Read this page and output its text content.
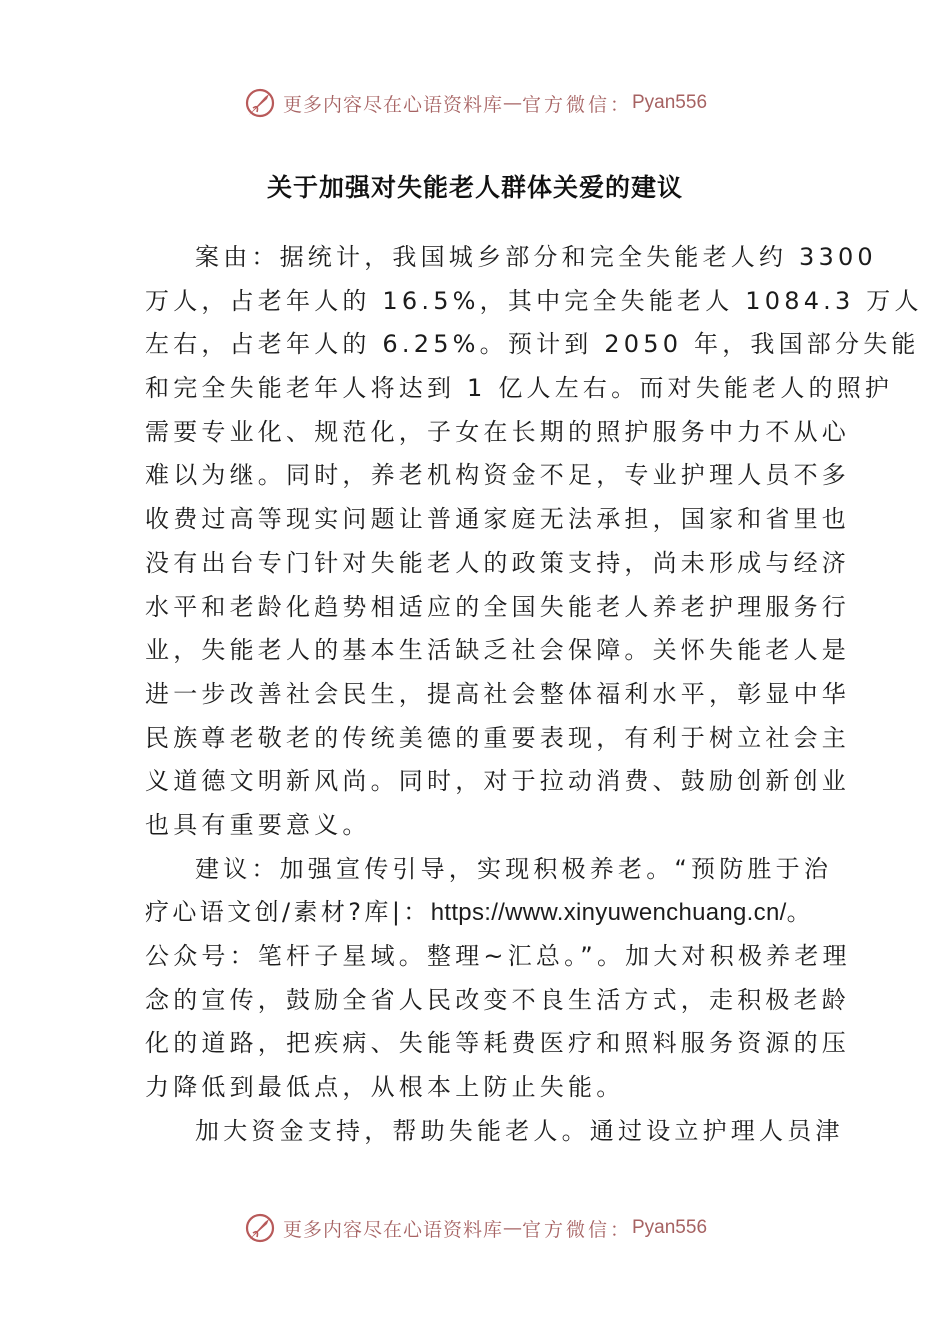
更多内容尽在心语资料库 — 官方微信： Pyan556
关于加强对失能老人群体关爱的建议
案由：据统计，我国城乡部分和完全失能老人约 3300
万人，占老年人的 16.5%，其中完全失能老人 1084.3 万人
左右，占老年人的 6.25%。预计到 2050 年，我国部分失能
和完全失能老年人将达到 1 亿人左右。而对失能老人的照护
需要专业化、规范化，子女在长期的照护服务中力不从心
难以为继。同时，养老机构资金不足，专业护理人员不多
收费过高等现实问题让普通家庭无法承担，国家和省里也
没有出台专门针对失能老人的政策支持，尚未形成与经济
水平和老龄化趋势相适应的全国失能老人养老护理服务行
业，失能老人的基本生活缺乏社会保障。关怀失能老人是
进一步改善社会民生，提高社会整体福利水平，彰显中华
民族尊老敬老的传统美德的重要表现，有利于树立社会主
义道德文明新风尚。同时，对于拉动消费、鼓励创新创业
也具有重要意义。
建议：加强宣传引导，实现积极养老。“预防胜于治
疗心语文创/素材?库|：https://www.xinyuwenchuang.cn/。
公众号：笔杆子星域。整理~汇总。”。加大对积极养老理
念的宣传，鼓励全省人民改变不良生活方式，走积极老龄
化的道路，把疾病、失能等耗费医疗和照料服务资源的压
力降低到最低点，从根本上防止失能。
加大资金支持，帮助失能老人。通过设立护理人员津
更多内容尽在心语资料库 — 官方微信： Pyan556
